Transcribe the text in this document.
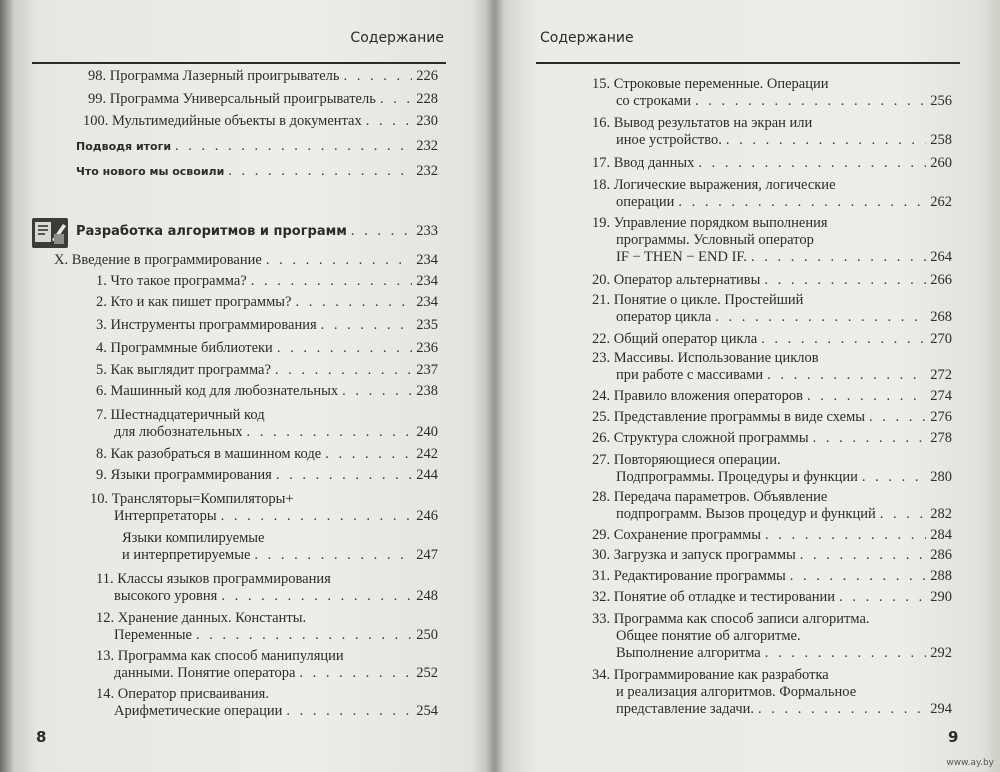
Содержание
98. Программа Лазерный проигрыватель . . .	226
99. Программа Универсальный проигрыватель . . .	228
100. Мультимедийные объекты в документах . . .	230
Подводя итоги . . .	232
Что нового мы освоили . . .	232
Разработка алгоритмов и программ . . .	233
X. Введение в программирование . . .	234
1. Что такое программа? . . .	234
2. Кто и как пишет программы? . . .	234
3. Инструменты программирования . . .	235
4. Программные библиотеки . . .	236
5. Как выглядит программа? . . .	237
6. Машинный код для любознательных . . .	238
7. Шестнадцатеричный код
для любознательных . . .	240
8. Как разобраться в машинном коде . . .	242
9. Языки программирования . . .	244
10. Трансляторы=Компиляторы+
Интерпретаторы . . .	246
Языки компилируемые
и интерпретируемые . . .	247
11. Классы языков программирования
высокого уровня . . .	248
12. Хранение данных. Константы.
Переменные . . .	250
13. Программа как способ манипуляции
данными. Понятие оператора . . .	252
14. Оператор присваивания.
Арифметические операции . . .	254
8
Содержание
15. Строковые переменные. Операции
со строками . . .	256
16. Вывод результатов на экран или
иное устройство. . . .	258
17. Ввод данных . . .	260
18. Логические выражения, логические
операции . . .	262
19. Управление порядком выполнения
программы. Условный оператор
IF − THEN − END IF. . . .	264
20. Оператор альтернативы . . .	266
21. Понятие о цикле. Простейший
оператор цикла . . .	268
22. Общий оператор цикла . . .	270
23. Массивы. Использование циклов
при работе с массивами . . .	272
24. Правило вложения операторов . . .	274
25. Представление программы в виде схемы . . .	276
26. Структура сложной программы . . .	278
27. Повторяющиеся операции.
Подпрограммы. Процедуры и функции . . .	280
28. Передача параметров. Объявление
подпрограмм. Вызов процедур и функций . . .	282
29. Сохранение программы . . .	284
30. Загрузка и запуск программы . . .	286
31. Редактирование программы . . .	288
32. Понятие об отладке и тестировании . . .	290
33. Программа как способ записи алгоритма.
Общее понятие об алгоритме.
Выполнение алгоритма . . .	292
34. Программирование как разработка
и реализация алгоритмов. Формальное
представление задачи. . . .	294
9
www.ay.by
